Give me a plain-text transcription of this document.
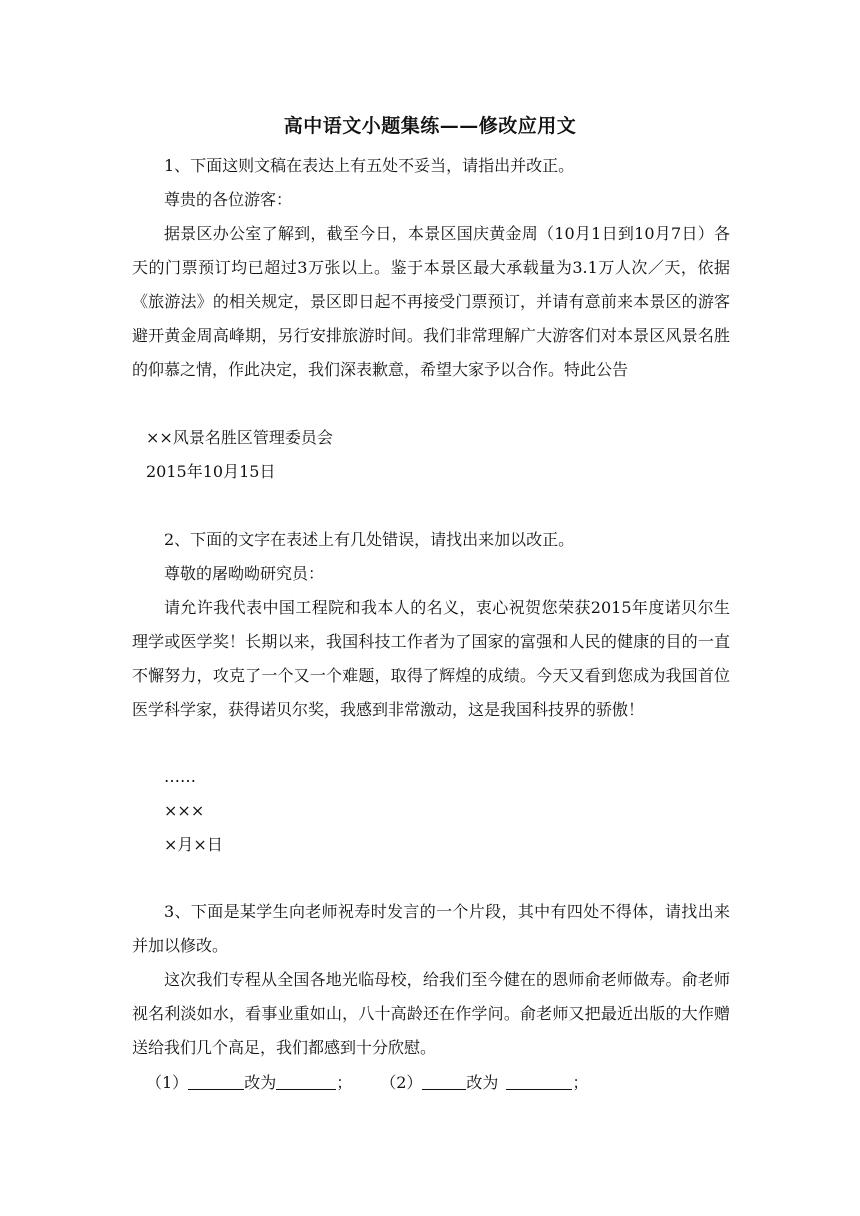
高中语文小题集练——修改应用文

1、下面这则文稿在表达上有五处不妥当，请指出并改正。

尊贵的各位游客：

据景区办公室了解到，截至今日，本景区国庆黄金周（10月1日到10月7日）各天的门票预订均已超过3万张以上。鉴于本景区最大承载量为3.1万人次／天，依据《旅游法》的相关规定，景区即日起不再接受门票预订，并请有意前来本景区的游客避开黄金周高峰期，另行安排旅游时间。我们非常理解广大游客们对本景区风景名胜的仰慕之情，作此决定，我们深表歉意，希望大家予以合作。特此公告

××风景名胜区管理委员会

2015年10月15日

2、下面的文字在表述上有几处错误，请找出来加以改正。

尊敬的屠呦呦研究员：

请允许我代表中国工程院和我本人的名义，衷心祝贺您荣获2015年度诺贝尔生理学或医学奖！长期以来，我国科技工作者为了国家的富强和人民的健康的目的一直不懈努力，攻克了一个又一个难题，取得了辉煌的成绩。今天又看到您成为我国首位医学科学家，获得诺贝尔奖，我感到非常激动，这是我国科技界的骄傲！

……

×××

×月×日

3、下面是某学生向老师祝寿时发言的一个片段，其中有四处不得体，请找出来并加以修改。

这次我们专程从全国各地光临母校，给我们至今健在的恩师俞老师做寿。俞老师视名利淡如水，看事业重如山，八十高龄还在作学问。俞老师又把最近出版的大作赠送给我们几个高足，我们都感到十分欣慰。

（1）	改为	； （2）	改为	；
